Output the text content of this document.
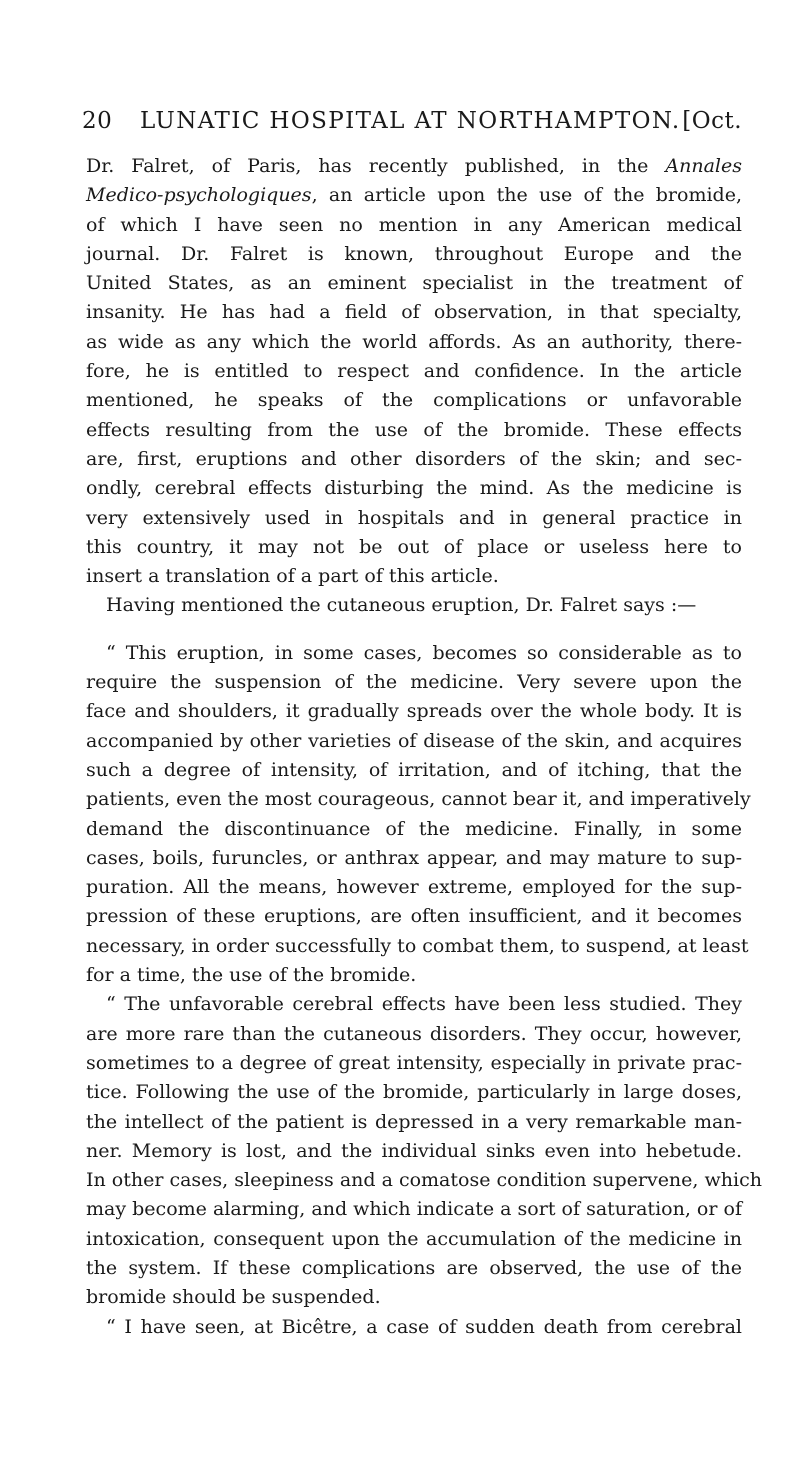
20	LUNATIC HOSPITAL AT NORTHAMPTON. [Oct.
Dr. Falret, of Paris, has recently published, in the Annales
Medico-psychologiques, an article upon the use of the bromide,
of which I have seen no mention in any American medical
journal. Dr. Falret is known, throughout Europe and the
United States, as an eminent specialist in the treatment of
insanity. He has had a field of observation, in that specialty,
as wide as any which the world affords. As an authority, there-
fore, he is entitled to respect and confidence. In the article
mentioned, he speaks of the complications or unfavorable
effects resulting from the use of the bromide. These effects
are, first, eruptions and other disorders of the skin; and sec-
ondly, cerebral effects disturbing the mind. As the medicine is
very extensively used in hospitals and in general practice in
this country, it may not be out of place or useless here to
insert a translation of a part of this article.
Having mentioned the cutaneous eruption, Dr. Falret says :—
“ This eruption, in some cases, becomes so considerable as to
require the suspension of the medicine. Very severe upon the
face and shoulders, it gradually spreads over the whole body. It is
accompanied by other varieties of disease of the skin, and acquires
such a degree of intensity, of irritation, and of itching, that the
patients, even the most courageous, cannot bear it, and imperatively
demand the discontinuance of the medicine. Finally, in some
cases, boils, furuncles, or anthrax appear, and may mature to sup-
puration. All the means, however extreme, employed for the sup-
pression of these eruptions, are often insufficient, and it becomes
necessary, in order successfully to combat them, to suspend, at least
for a time, the use of the bromide.
“ The unfavorable cerebral effects have been less studied. They
are more rare than the cutaneous disorders. They occur, however,
sometimes to a degree of great intensity, especially in private prac-
tice. Following the use of the bromide, particularly in large doses,
the intellect of the patient is depressed in a very remarkable man-
ner. Memory is lost, and the individual sinks even into hebetude.
In other cases, sleepiness and a comatose condition supervene, which
may become alarming, and which indicate a sort of saturation, or of
intoxication, consequent upon the accumulation of the medicine in
the system. If these complications are observed, the use of the
bromide should be suspended.
“ I have seen, at Bicêtre, a case of sudden death from cerebral
